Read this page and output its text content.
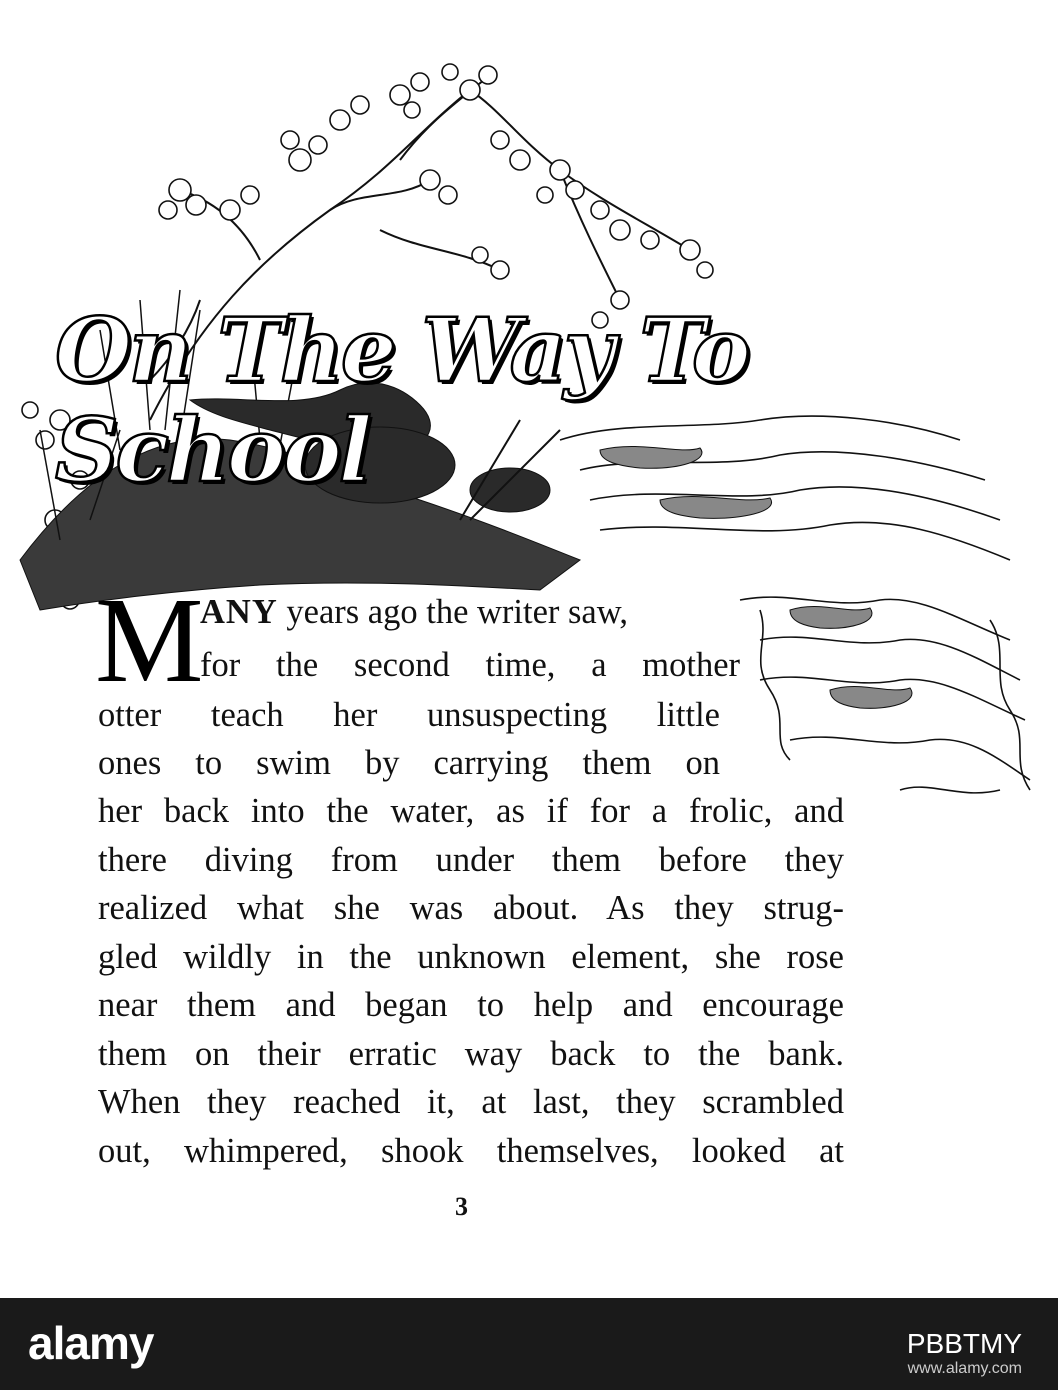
On The Way To School
M
ANY years ago the writer saw,
for the second time, a mother
otter teach her unsuspecting little
ones to swim by carrying them on
her back into the water, as if for a frolic, and
there diving from under them before they
realized what she was about. As they strug-
gled wildly in the unknown element, she rose
near them and began to help and encourage
them on their erratic way back to the bank.
When they reached it, at last, they scrambled
out, whimpered, shook themselves, looked at
3
alamy	PBBTMY
www.alamy.com
